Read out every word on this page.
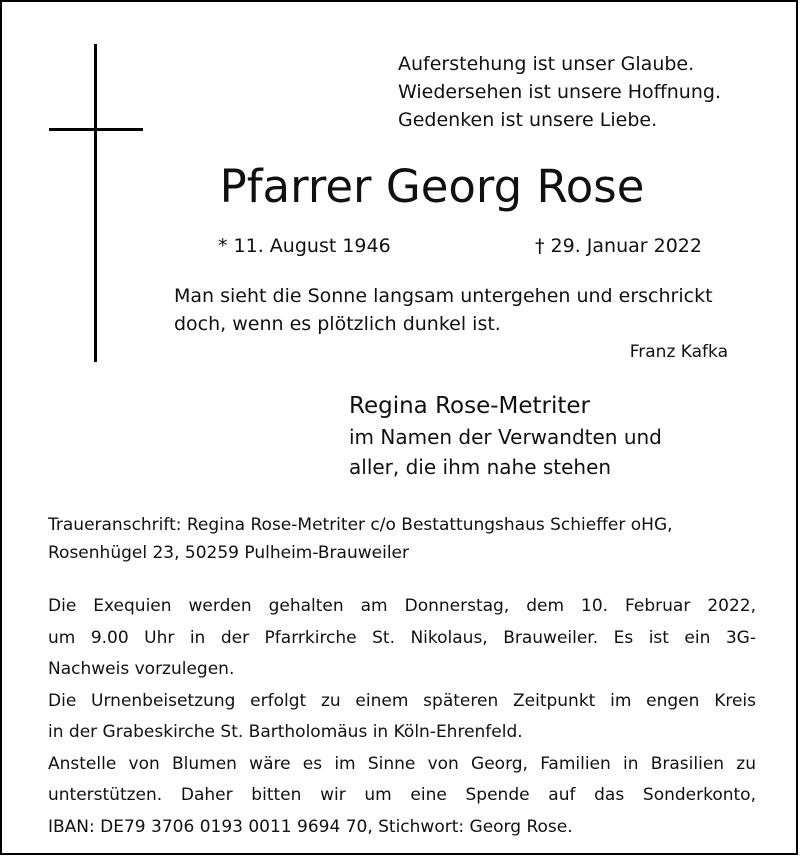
Auferstehung ist unser Glaube.
Wiedersehen ist unsere Hoffnung.
Gedenken ist unsere Liebe.
Pfarrer Georg Rose
* 11. August 1946	† 29. Januar 2022
Man sieht die Sonne langsam untergehen und erschrickt
doch, wenn es plötzlich dunkel ist.
Franz Kafka
Regina Rose-Metriter
im Namen der Verwandten und
aller, die ihm nahe stehen
Traueranschrift: Regina Rose-Metriter c/o Bestattungshaus Schieffer oHG,
Rosenhügel 23, 50259 Pulheim-Brauweiler
Die Exequien werden gehalten am Donnerstag, dem 10. Februar 2022,
um 9.00 Uhr in der Pfarrkirche St. Nikolaus, Brauweiler. Es ist ein 3G-
Nachweis vorzulegen.
Die Urnenbeisetzung erfolgt zu einem späteren Zeitpunkt im engen Kreis
in der Grabeskirche St. Bartholomäus in Köln-Ehrenfeld.
Anstelle von Blumen wäre es im Sinne von Georg, Familien in Brasilien zu
unterstützen. Daher bitten wir um eine Spende auf das Sonderkonto,
IBAN: DE79 3706 0193 0011 9694 70, Stichwort: Georg Rose.
